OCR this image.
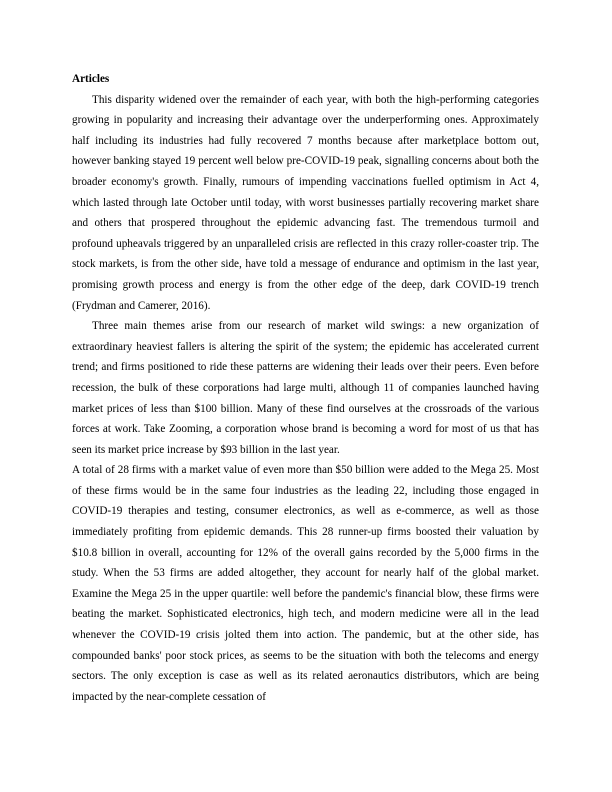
Articles

This disparity widened over the remainder of each year, with both the high-performing categories growing in popularity and increasing their advantage over the underperforming ones. Approximately half including its industries had fully recovered 7 months because after marketplace bottom out, however banking stayed 19 percent well below pre-COVID-19 peak, signalling concerns about both the broader economy's growth. Finally, rumours of impending vaccinations fuelled optimism in Act 4, which lasted through late October until today, with worst businesses partially recovering market share and others that prospered throughout the epidemic advancing fast. The tremendous turmoil and profound upheavals triggered by an unparalleled crisis are reflected in this crazy roller-coaster trip. The stock markets, is from the other side, have told a message of endurance and optimism in the last year, promising growth process and energy is from the other edge of the deep, dark COVID-19 trench (Frydman and Camerer, 2016).

Three main themes arise from our research of market wild swings: a new organization of extraordinary heaviest fallers is altering the spirit of the system; the epidemic has accelerated current trend; and firms positioned to ride these patterns are widening their leads over their peers. Even before recession, the bulk of these corporations had large multi, although 11 of companies launched having market prices of less than $100 billion. Many of these find ourselves at the crossroads of the various forces at work. Take Zooming, a corporation whose brand is becoming a word for most of us that has seen its market price increase by $93 billion in the last year.

A total of 28 firms with a market value of even more than $50 billion were added to the Mega 25. Most of these firms would be in the same four industries as the leading 22, including those engaged in COVID-19 therapies and testing, consumer electronics, as well as e-commerce, as well as those immediately profiting from epidemic demands. This 28 runner-up firms boosted their valuation by $10.8 billion in overall, accounting for 12% of the overall gains recorded by the 5,000 firms in the study. When the 53 firms are added altogether, they account for nearly half of the global market. Examine the Mega 25 in the upper quartile: well before the pandemic's financial blow, these firms were beating the market. Sophisticated electronics, high tech, and modern medicine were all in the lead whenever the COVID-19 crisis jolted them into action. The pandemic, but at the other side, has compounded banks' poor stock prices, as seems to be the situation with both the telecoms and energy sectors. The only exception is case as well as its related aeronautics distributors, which are being impacted by the near-complete cessation of
